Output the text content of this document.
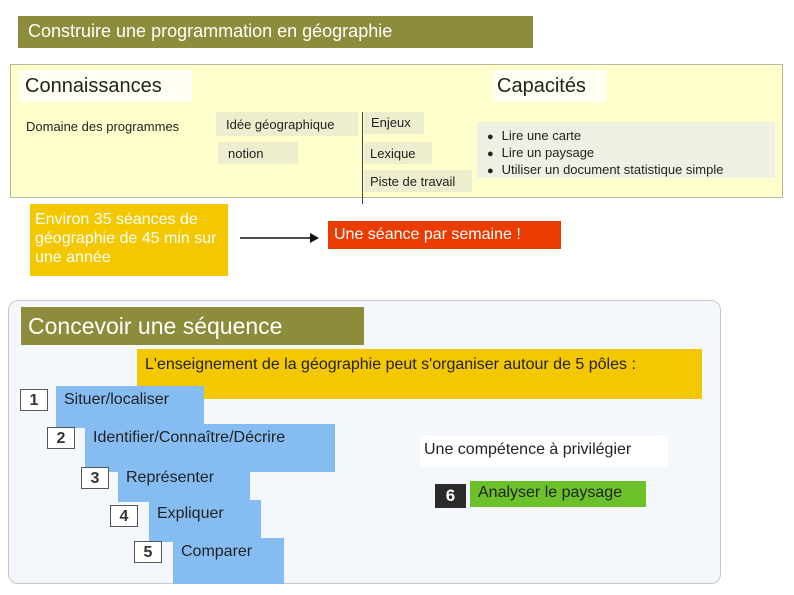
Construire une programmation en géographie
Connaissances	Capacités
Domaine des programmes	Idée géographique	Enjeux
notion	Lexique
Piste de travail
● Lire une carte
● Lire un paysage
● Utiliser un document statistique simple
Environ 35 séances de géographie de 45 min sur une année
Une séance par semaine !
Concevoir une séquence
L'enseignement de la géographie peut s'organiser autour de 5 pôles :
1	Situer/localiser
2	Identifier/Connaître/Décrire
3	Représenter
4	Expliquer
5	Comparer
Une compétence à privilégier
6	Analyser le paysage
